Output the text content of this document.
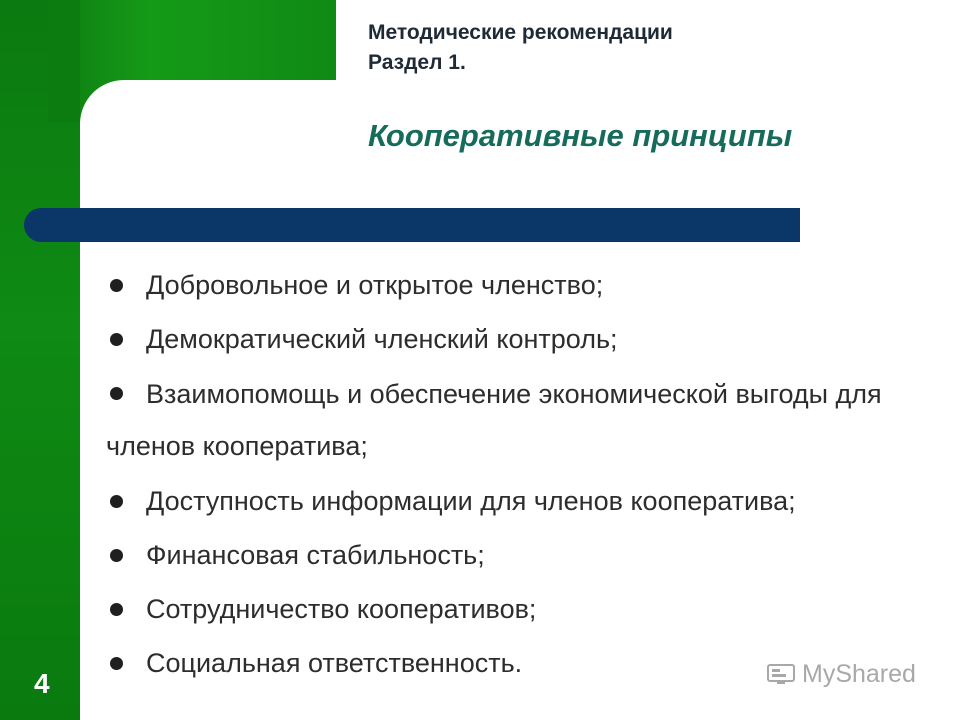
Методические рекомендации
Раздел 1.
Кооперативные принципы
Добровольное и открытое членство;
Демократический членский контроль;
Взаимопомощь и обеспечение экономической выгоды для членов кооператива;
Доступность информации для членов кооператива;
Финансовая стабильность;
Сотрудничество кооперативов;
Социальная ответственность.
4	MyShared
